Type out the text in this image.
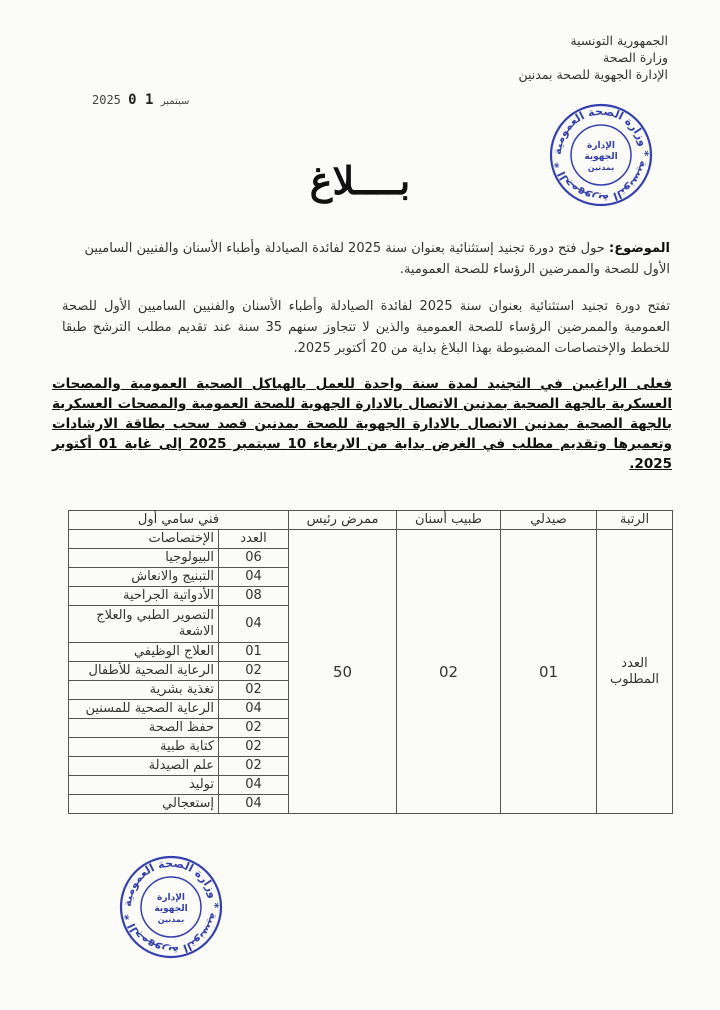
الجمهورية التونسية
وزارة الصحة
الإدارة الجهوية للصحة بمدنين
2025	سبتمبر 1 0
الجمهورية التونسية * وزارة الصحة العمومية *
الإدارة
الجهوية
بمدنين
بــــلاغ
الموضوع: حول فتح دورة تجنيد إستثنائية بعنوان سنة 2025 لفائدة الصيادلة وأطباء الأسنان والفنيين الساميين الأول للصحة والممرضين الرؤساء للصحة العمومية.
تفتح دورة تجنيد استثنائية بعنوان سنة 2025 لفائدة الصيادلة وأطباء الأسنان والفنيين الساميين الأول للصحة العمومية والممرضين الرؤساء للصحة العمومية والذين لا تتجاوز سنهم 35 سنة عند تقديم مطلب الترشح طبقا للخطط والإختصاصات المضبوطة بهذا البلاغ بداية من 20 أكتوبر 2025.
فعلى الراغبين في التجنيد لمدة سنة واحدة للعمل بالهياكل الصحية العمومية والمصحات العسكرية بالجهة الصحية بمدنين الاتصال بالادارة الجهوية للصحة العمومية والمصحات العسكرية بالجهة الصحية بمدنين الاتصال بالادارة الجهوية للصحة بمدنين قصد سحب بطاقة الارشادات وتعميرها وتقديم مطلب في الغرض بداية من الاربعاء 10 سبتمبر 2025 إلى غاية 01 أكتوبر 2025.
الرتبة	صيدلي	طبيب أسنان	ممرض رئيس	فني سامي أول	
العدد المطلوب	01	02	50	العدد	الإختصاصات
				06	البيولوجيا
				04	التبنيج والانعاش
				08	الأدواتية الجراحية
				04	التصوير الطبي والعلاج الاشعة
				01	العلاج الوظيفي
				02	الرعاية الصحية للأطفال
				02	تغذية بشرية
				04	الرعاية الصحية للمسنين
				02	حفظ الصحة
				02	كتابة طبية
				02	علم الصيدلة
				04	توليد
				04	إستعجالي
الجمهورية التونسية * وزارة الصحة العمومية *
الإدارة
الجهوية
بمدنين
